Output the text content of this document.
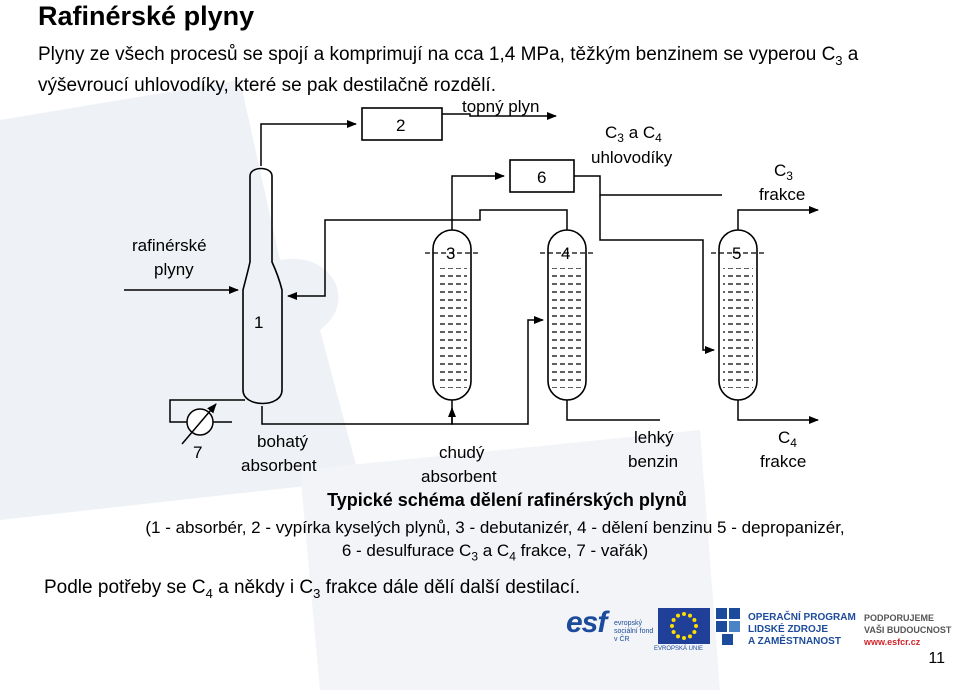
Rafinérské plyny
Plyny ze všech procesů se spojí a komprimují na cca 1,4 MPa, těžkým benzinem se vyperou $C_3$ a výševroucí uhlovodíky, které se pak destilačně rozdělí.
2
6
3	4	5
1
7
rafinérské
plyny
topný plyn
$C_3$ a $C_4$
uhlovodíky
$C_3$
frakce
bohatý
absorbent
chudý
absorbent
lehký
benzin
$C_4$
frakce
Typické schéma dělení rafinérských plynů
(1 - absorbér, 2 - vypírka kyselých plynů, 3 - debutanizér, 4 - dělení benzinu 5 - depropanizér,
6 - desulfurace $C_3$ a $C_4$ frakce, 7 - vařák)
Podle potřeby se $C_4$ a někdy i $C_3$ frakce dále dělí další destilací.
esf evropský sociální fond v ČR
EVROPSKÁ UNIE
OPERAČNÍ PROGRAM
LIDSKÉ ZDROJE
A ZAMĚSTNANOST
PODPORUJEME
VAŠI BUDOUCNOST
www.esfcr.cz
11
